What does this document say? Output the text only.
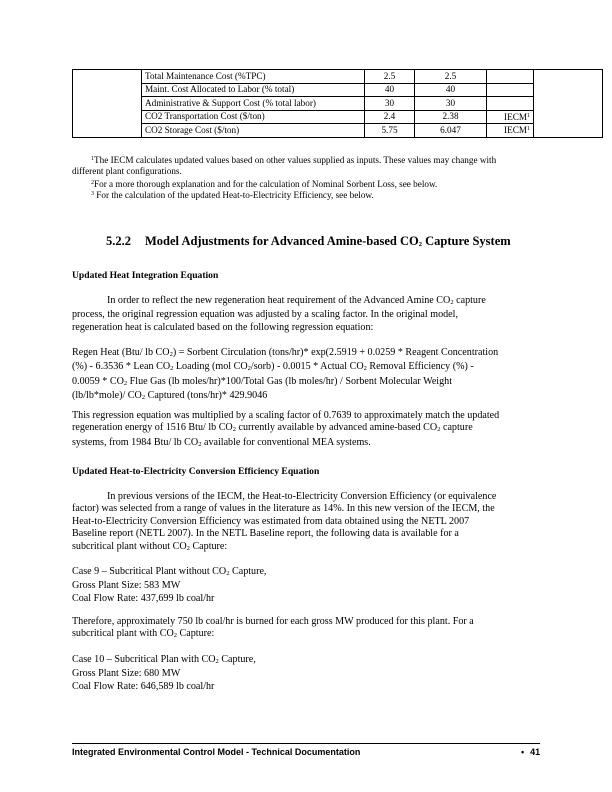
	Total Maintenance Cost (%TPC)	2.5	2.5		
	Maint. Cost Allocated to Labor (% total)	40	40		
	Administrative & Support Cost (% total labor)	30	30		
	CO2 Transportation Cost ($/ton)	2.4	2.38	IECM$^1$	
	CO2 Storage Cost ($/ton)	5.75	6.047	IECM$^1$	
$^1$The IECM calculates updated values based on other values supplied as inputs. These values may change with
different plant configurations.
$^2$For a more thorough explanation and for the calculation of Nominal Sorbent Loss, see below.
$^3$ For the calculation of the updated Heat-to-Electricity Efficiency, see below.
5.2.2 Model Adjustments for Advanced Amine-based $CO_2$ Capture System
Updated Heat Integration Equation
In order to reflect the new regeneration heat requirement of the Advanced Amine $CO_2$ capture
process, the original regression equation was adjusted by a scaling factor. In the original model,
regeneration heat is calculated based on the following regression equation:
Regen Heat (Btu/ lb $CO_2$) = Sorbent Circulation (tons/hr)* exp(2.5919 + 0.0259 * Reagent Concentration
(%) - 6.3536 * Lean $CO_2$ Loading (mol $CO_2/sorb) - 0.0015$ * Actual $CO_2$ Removal Efficiency (%) -
$0.0059 * CO_2$ Flue Gas (lb moles/hr)*100/Total Gas (lb moles/hr) / Sorbent Molecular Weight
(lb/lb*mole)/ $CO_2$ Captured (tons/hr)* 429.9046
This regression equation was multiplied by a scaling factor of 0.7639 to approximately match the updated
regeneration energy of 1516 Btu/ lb $CO_2$ currently available by advanced amine-based $CO_2$ capture
systems, from 1984 Btu/ lb $CO_2$ available for conventional MEA systems.
Updated Heat-to-Electricity Conversion Efficiency Equation
In previous versions of the IECM, the Heat-to-Electricity Conversion Efficiency (or equivalence
factor) was selected from a range of values in the literature as 14%. In this new version of the IECM, the
Heat-to-Electricity Conversion Efficiency was estimated from data obtained using the NETL 2007
Baseline report (NETL 2007). In the NETL Baseline report, the following data is available for a
subcritical plant without $CO_2$ Capture:
Case 9 – Subcritical Plant without $CO_2$ Capture,
Gross Plant Size: 583 MW
Coal Flow Rate: 437,699 lb coal/hr
Therefore, approximately 750 lb coal/hr is burned for each gross MW produced for this plant. For a
subcritical plant with $CO_2$ Capture:
Case 10 – Subcritical Plan with $CO_2$ Capture,
Gross Plant Size: 680 MW
Coal Flow Rate: 646,589 lb coal/hr
Integrated Environmental Control Model - Technical Documentation	• 41
